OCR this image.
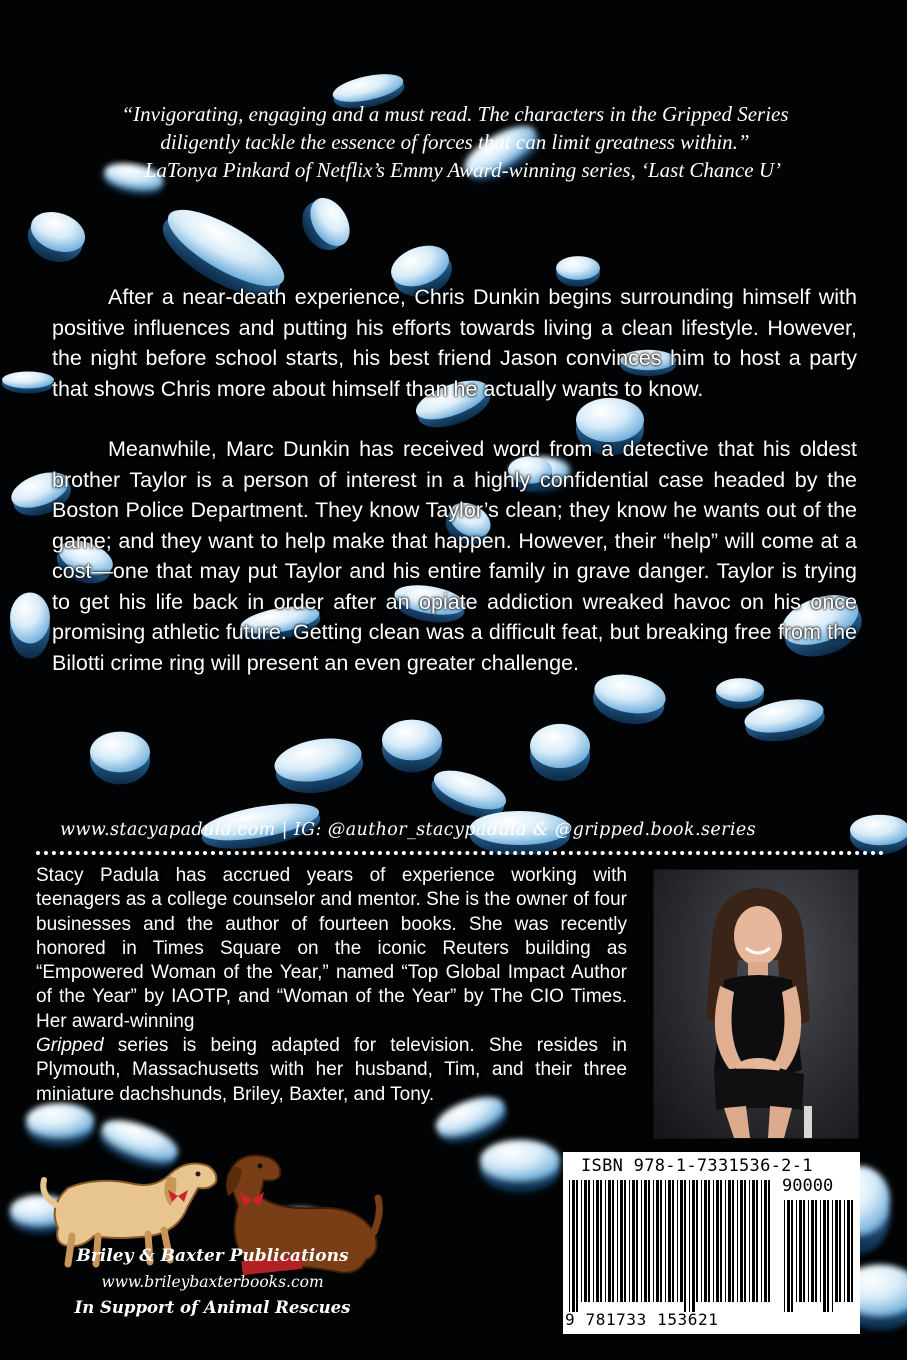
“Invigorating, engaging and a must read. The characters in the Gripped Series

diligently tackle the essence of forces that can limit greatness within.”

– LaTonya Pinkard of Netflix’s Emmy Award-winning series, ‘Last Chance U’

After a near-death experience, Chris Dunkin begins surrounding himself with positive influences and putting his efforts towards living a clean lifestyle. However, the night before school starts, his best friend Jason convinces him to host a party that shows Chris more about himself than he actually wants to know.

Meanwhile, Marc Dunkin has received word from a detective that his oldest brother Taylor is a person of interest in a highly confidential case headed by the Boston Police Department. They know Taylor’s clean; they know he wants out of the game; and they want to help make that happen. However, their “help” will come at a cost—one that may put Taylor and his entire family in grave danger. Taylor is trying to get his life back in order after an opiate addiction wreaked havoc on his once promising athletic future. Getting clean was a difficult feat, but breaking free from the Bilotti crime ring will present an even greater challenge.

www.stacyapadula.com | IG: @author_stacypadula & @gripped.book.series

Stacy Padula has accrued years of experience working with teenagers as a college counselor and mentor. She is the owner of four businesses and the author of fourteen books. She was recently honored in Times Square on the iconic Reuters building as “Empowered Woman of the Year,” named “Top Global Impact Author of the Year” by IAOTP, and “Woman of the Year” by The CIO Times. Her award-winning
Gripped series is being adapted for television. She resides in Plymouth, Massachusetts with her husband, Tim, and their three miniature dachshunds, Briley, Baxter, and Tony.

Briley & Baxter Publications
www.brileybaxterbooks.com
In Support of Animal Rescues
ISBN 978-1-7331536-2-1
90000
9 781733 153621
